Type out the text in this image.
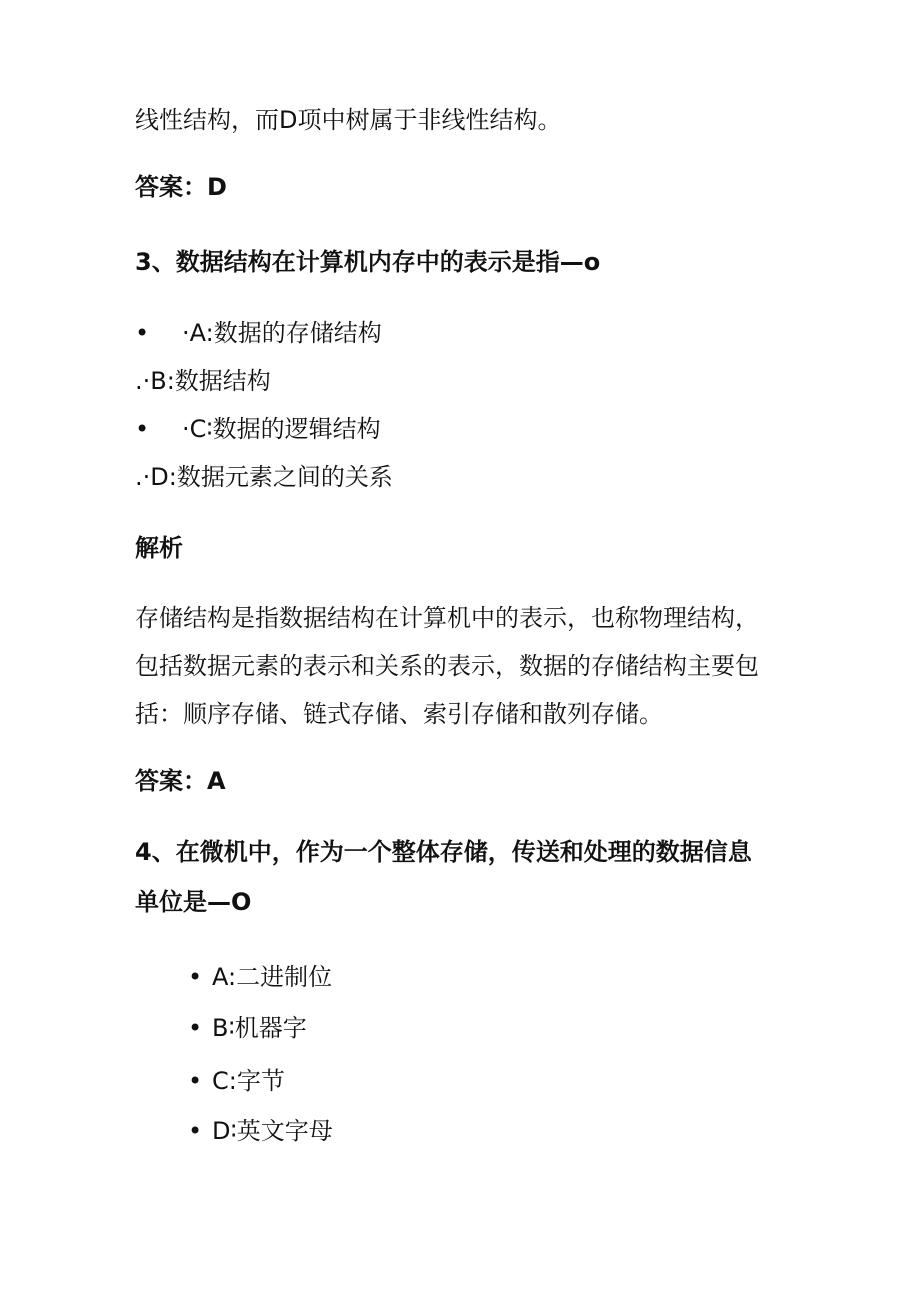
线性结构，而D项中树属于非线性结构。
答案：D
3、数据结构在计算机内存中的表示是指—o
• ·A:数据的存储结构
.·B:数据结构
• ·C∶数据的逻辑结构
.·D:数据元素之间的关系
解析
存储结构是指数据结构在计算机中的表示，也称物理结构，
包括数据元素的表示和关系的表示，数据的存储结构主要包
括：顺序存储、链式存储、索引存储和散列存储。
答案：A
4、在微机中，作为一个整体存储，传送和处理的数据信息
单位是—O
• A:二进制位
• B∶机器字
• C:字节
• D∶英文字母
